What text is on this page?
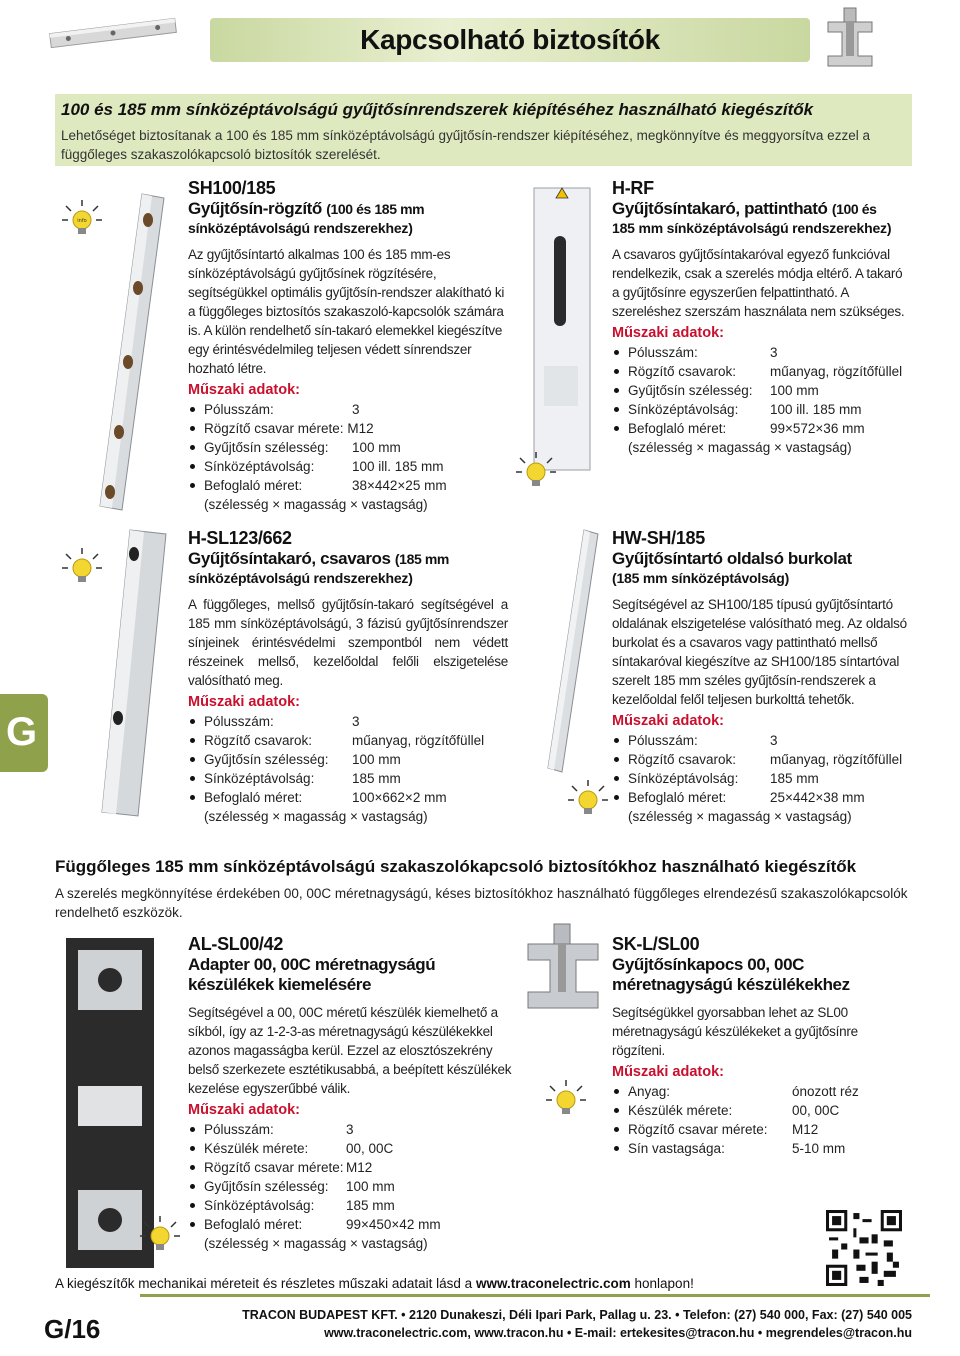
Kapcsolható biztosítók
100 és 185 mm sínközéptávolságú gyűjtősínrendszerek kiépítéséhez használható kiegészítők

Lehetőséget biztosítanak a 100 és 185 mm sínközéptávolságú gyűjtősín-rendszer kiépítéséhez, megkönnyítve és meggyorsítva ezzel a függőleges szakaszolókapcsoló biztosítók szerelését.

info
SH100/185
Gyűjtősín-rögzítő (100 és 185 mm
sínközéptávolságú rendszerekhez)
Az gyűjtősíntartó alkalmas 100 és 185 mm-es sínközéptávolságú gyűjtősínek rögzítésére, segítségükkel optimális gyűjtősín-rendszer alakítható ki a függőleges biztosítós szakaszoló-kapcsolók számára is. A külön rendelhető sín-takaró elemekkel kiegészítve egy érintésvédelmileg teljesen védett sínrendszer hozható létre.
Műszaki adatok:
Pólusszám:	3
Rögzítő csavar mérete:
M12
Gyűjtősín szélesség:	100 mm
Sínközéptávolság:	100 ill. 185 mm
Befoglaló méret:	38×442×25 mm
(szélesség × magasság × vastagság)
H-RF
Gyűjtősíntakaró, pattintható (100 és
185 mm sínközéptávolságú rendszerekhez)
A csavaros gyűjtősíntakaróval egyező funkcióval rendelkezik, csak a szerelés módja eltérő. A takaró a gyűjtősínre egyszerűen felpattintható. A szereléshez szerszám használata nem szükséges.
Műszaki adatok:
Pólusszám:	3
Rögzítő csavarok:	műanyag, rögzítőfüllel
Gyűjtősín szélesség:	100 mm
Sínközéptávolság:	100 ill. 185 mm
Befoglaló méret:	99×572×36 mm
(szélesség × magasság × vastagság)
H-SL123/662
Gyűjtősíntakaró, csavaros (185 mm
sínközéptávolságú rendszerekhez)
A függőleges, mellső gyűjtősín-takaró segítségével a 185 mm sínközéptávolságú, 3 fázisú gyűjtősínrendszer sínjeinek érintésvédelmi szempontból nem védett részeinek mellső, kezelőoldal felőli elszigetelése valósítható meg.
Műszaki adatok:
Pólusszám:	3
Rögzítő csavarok:	műanyag, rögzítőfüllel
Gyűjtősín szélesség:	100 mm
Sínközéptávolság:	185 mm
Befoglaló méret:	100×662×2 mm
(szélesség × magasság × vastagság)
HW-SH/185
Gyűjtősíntartó oldalsó burkolat
(185 mm sínközéptávolság)
Segítségével az SH100/185 típusú gyűjtősíntartó oldalának elszigetelése valósítható meg. Az oldalsó burkolat és a csavaros vagy pattintható mellső síntakaróval kiegészítve az SH100/185 síntartóval szerelt 185 mm széles gyűjtősín-rendszerek a kezelőoldal felől teljesen burkolttá tehetők.
Műszaki adatok:
Pólusszám:	3
Rögzítő csavarok:	műanyag, rögzítőfüllel
Sínközéptávolság:	185 mm
Befoglaló méret:	25×442×38 mm
(szélesség × magasság × vastagság)
Függőleges 185 mm sínközéptávolságú szakaszolókapcsoló biztosítókhoz használható kiegészítők

A szerelés megkönnyítése érdekében 00, 00C méretnagyságú, késes biztosítókhoz használható függőleges elrendezésű szakaszolókapcsolók rendelhető eszközök.

AL-SL00/42
Adapter 00, 00C méretnagyságú készülékek kiemelésére
Segítségével a 00, 00C méretű készülék kiemelhető a síkból, így az 1-2-3-as méretnagyságú készülékekkel azonos magasságba kerül. Ezzel az elosztószekrény belső szerkezete esztétikusabbá, a beépített készülékek kezelése egyszerűbbé válik.
Műszaki adatok:
Pólusszám:	3
Készülék mérete:	00, 00C
Rögzítő csavar mérete: M12
Gyűjtősín szélesség:	100 mm
Sínközéptávolság:	185 mm
Befoglaló méret:	99×450×42 mm
(szélesség × magasság × vastagság)
SK-L/SL00
Gyűjtősínkapocs 00, 00C méretnagyságú készülékekhez
Segítségükkel gyorsabban lehet az SL00 méretnagyságú készülékeket a gyűjtősínre rögzíteni.
Műszaki adatok:
Anyag:	ónozott réz
Készülék mérete:	00, 00C
Rögzítő csavar mérete:	M12
Sín vastagsága:	5-10 mm
A kiegészítők mechanikai méreteit és részletes műszaki adatait lásd a www.traconelectric.com honlapon!
G
G/16	TRACON BUDAPEST KFT. • 2120 Dunakeszi, Déli Ipari Park, Pallag u. 23. • Telefon: (27) 540 000, Fax: (27) 540 005
www.traconelectric.com, www.tracon.hu • E-mail: ertekesites@tracon.hu • megrendeles@tracon.hu
